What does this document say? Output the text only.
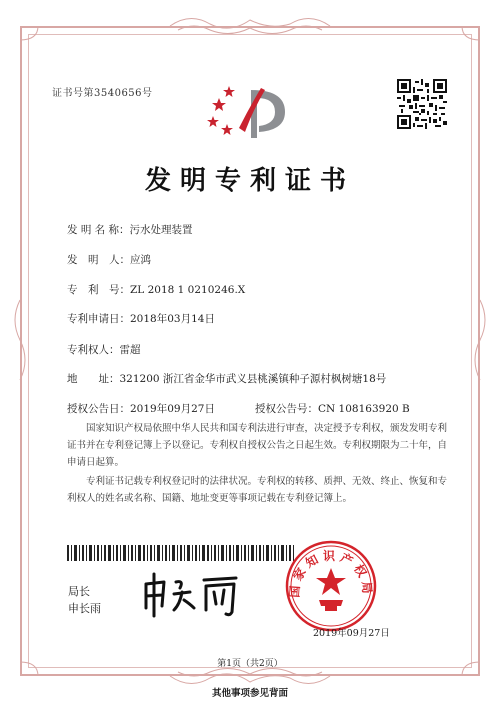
证书号第3540656号
发明专利证书
发 明 名 称：污水处理装置
发　明　人：应鸿
专　利　号：ZL 2018 1 0210246.X
专利申请日：2018年03月14日
专利权人：雷超
地　　址：321200 浙江省金华市武义县桃溪镇种子源村枫树塘18号
授权公告日：2019年09月27日	授权公告号：CN 108163920 B
国家知识产权局依照中华人民共和国专利法进行审查，决定授予专利权，颁发发明专利证书并在专利登记簿上予以登记。专利权自授权公告之日起生效。专利权期限为二十年，自申请日起算。
专利证书记载专利权登记时的法律状况。专利权的转移、质押、无效、终止、恢复和专利权人的姓名或名称、国籍、地址变更等事项记载在专利登记簿上。
局长
申长雨
国家知识产权局
2019年09月27日
第1页（共2页）
其他事项参见背面
